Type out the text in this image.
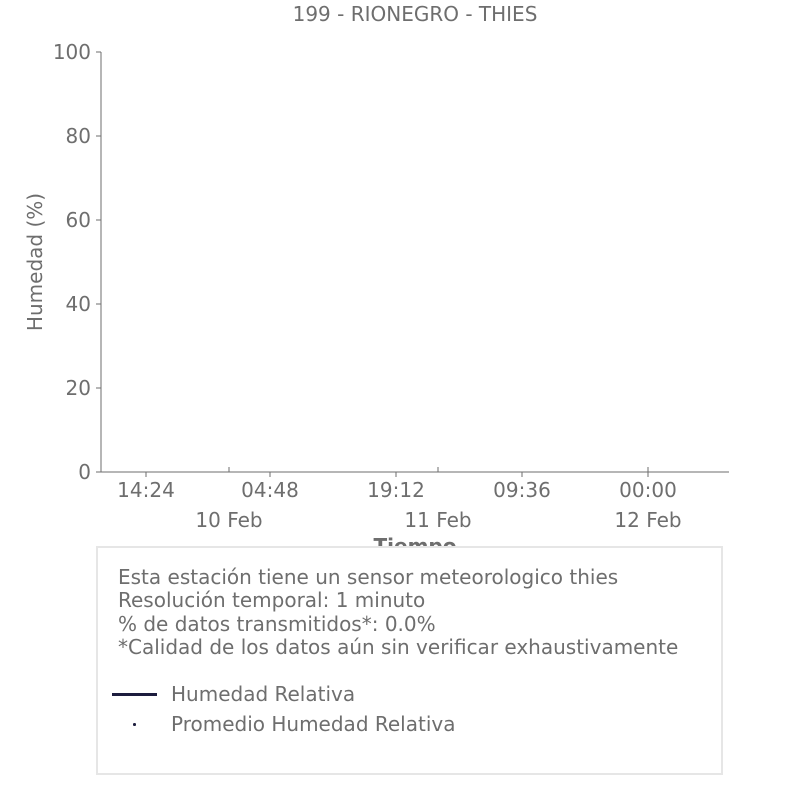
199 - RIONEGRO - THIES
Humedad (%)
0
20
40
60
80
100
14:24	04:48	19:12	09:36	00:00
10 Feb	11 Feb	12 Feb
Esta estación tiene un sensor meteorologico thies
Resolución temporal: 1 minuto
% de datos transmitidos*: 0.0%
*Calidad de los datos aún sin verificar exhaustivamente
Humedad Relativa
Promedio Humedad Relativa
